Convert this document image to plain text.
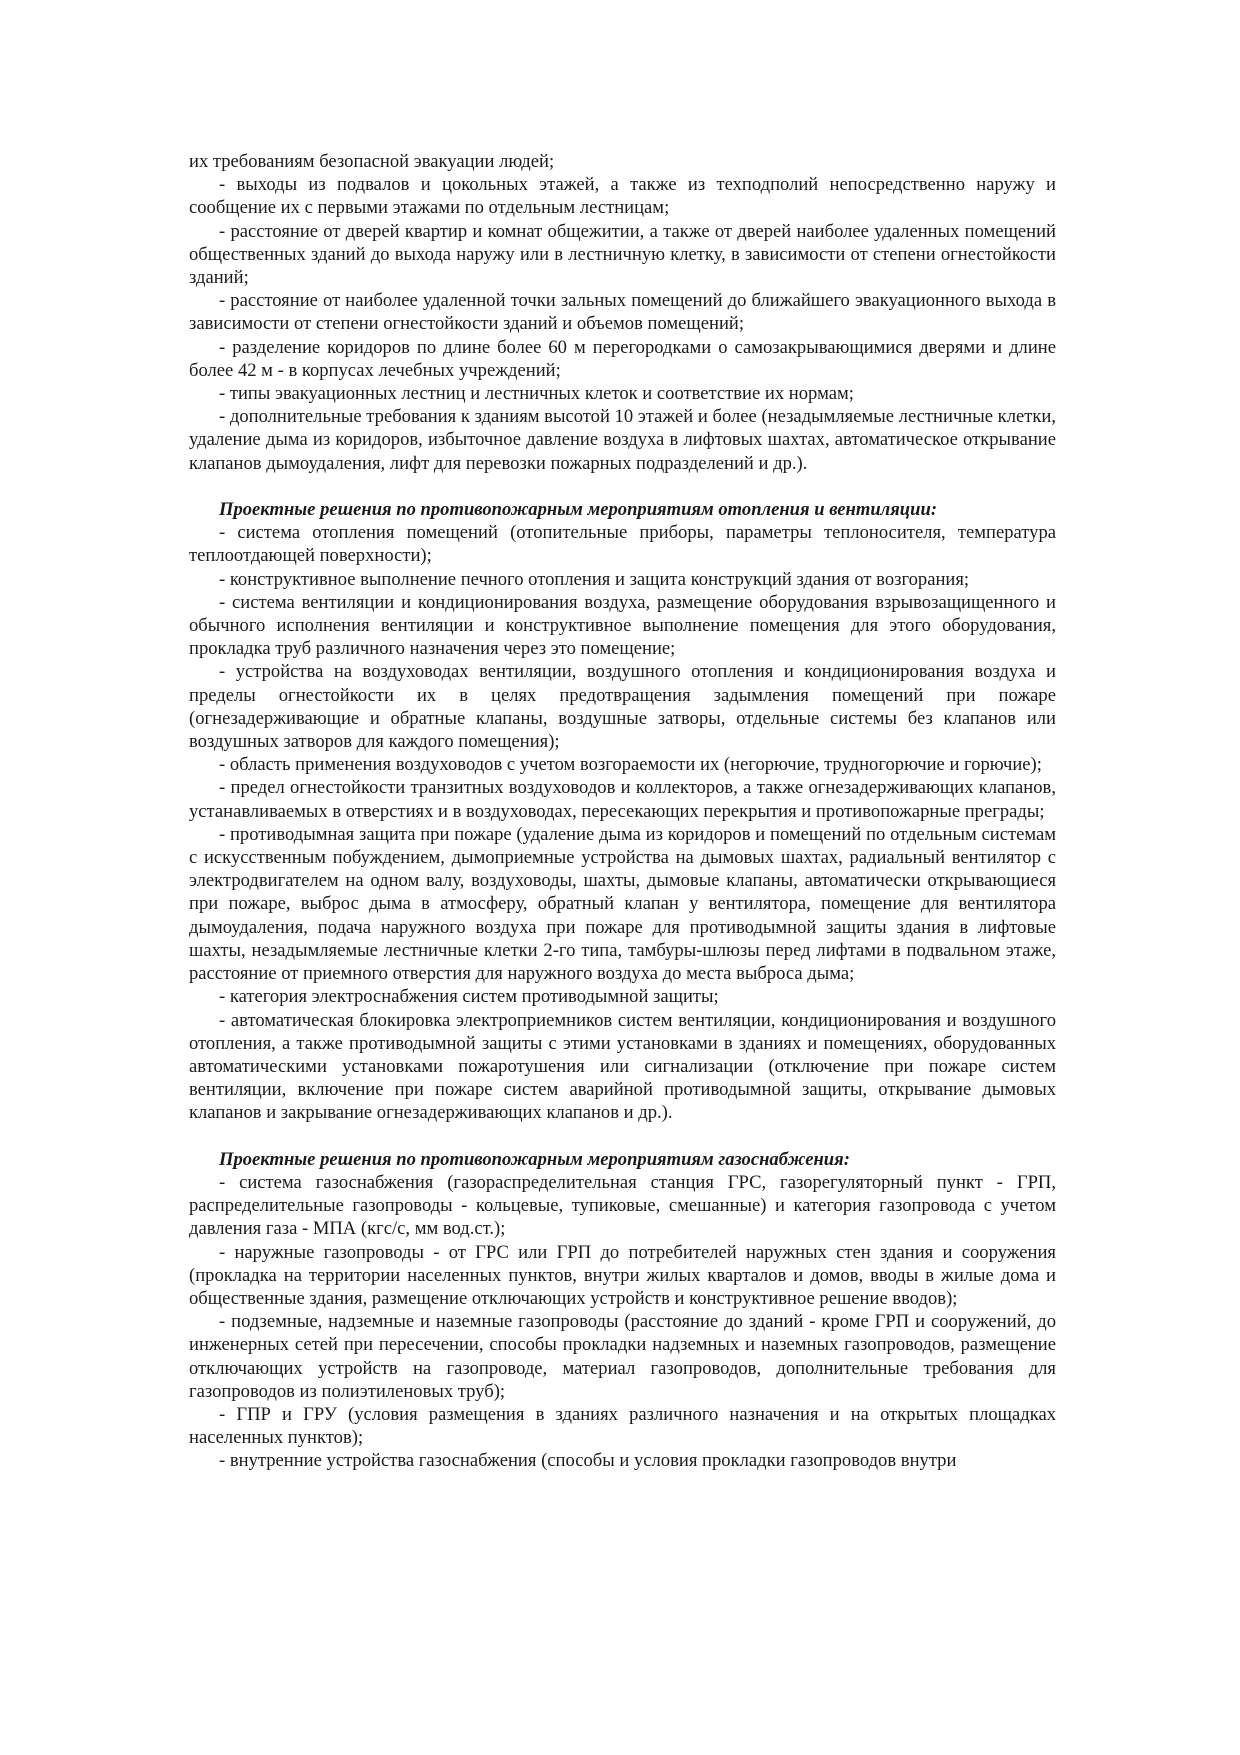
их требованиям безопасной эвакуации людей;

- выходы из подвалов и цокольных этажей, а также из техподполий непосредственно наружу и сообщение их с первыми этажами по отдельным лестницам;

- расстояние от дверей квартир и комнат общежитии, а также от дверей наиболее удаленных помещений общественных зданий до выхода наружу или в лестничную клетку, в зависимости от степени огнестойкости зданий;

- расстояние от наиболее удаленной точки зальных помещений до ближайшего эвакуационного выхода в зависимости от степени огнестойкости зданий и объемов помещений;

- разделение коридоров по длине более 60 м перегородками о самозакрывающимися дверями и длине более 42 м - в корпусах лечебных учреждений;

- типы эвакуационных лестниц и лестничных клеток и соответствие их нормам;

- дополнительные требования к зданиям высотой 10 этажей и более (незадымляемые лестничные клетки, удаление дыма из коридоров, избыточное давление воздуха в лифтовых шахтах, автоматическое открывание клапанов дымоудаления, лифт для перевозки пожарных подразделений и др.).

Проектные решения по противопожарным мероприятиям отопления и вентиляции:

- система отопления помещений (отопительные приборы, параметры теплоносителя, температура теплоотдающей поверхности);

- конструктивное выполнение печного отопления и защита конструкций здания от возгорания;

- система вентиляции и кондиционирования воздуха, размещение оборудования взрывозащищенного и обычного исполнения вентиляции и конструктивное выполнение помещения для этого оборудования, прокладка труб различного назначения через это помещение;

- устройства на воздуховодах вентиляции, воздушного отопления и кондиционирования воздуха и пределы огнестойкости их в целях предотвращения задымления помещений при пожаре (огнезадерживающие и обратные клапаны, воздушные затворы, отдельные системы без клапанов или воздушных затворов для каждого помещения);

- область применения воздуховодов с учетом возгораемости их (негорючие, трудногорючие и горючие);

- предел огнестойкости транзитных воздуховодов и коллекторов, а также огнезадерживающих клапанов, устанавливаемых в отверстиях и в воздуховодах, пересекающих перекрытия и противопожарные преграды;

- противодымная защита при пожаре (удаление дыма из коридоров и помещений по отдельным системам с искусственным побуждением, дымоприемные устройства на дымовых шахтах, радиальный вентилятор с электродвигателем на одном валу, воздуховоды, шахты, дымовые клапаны, автоматически открывающиеся при пожаре, выброс дыма в атмосферу, обратный клапан у вентилятора, помещение для вентилятора дымоудаления, подача наружного воздуха при пожаре для противодымной защиты здания в лифтовые шахты, незадымляемые лестничные клетки 2-го типа, тамбуры-шлюзы перед лифтами в подвальном этаже, расстояние от приемного отверстия для наружного воздуха до места выброса дыма;

- категория электроснабжения систем противодымной защиты;

- автоматическая блокировка электроприемников систем вентиляции, кондиционирования и воздушного отопления, а также противодымной защиты с этими установками в зданиях и помещениях, оборудованных автоматическими установками пожаротушения или сигнализации (отключение при пожаре систем вентиляции, включение при пожаре систем аварийной противодымной защиты, открывание дымовых клапанов и закрывание огнезадерживающих клапанов и др.).

Проектные решения по противопожарным мероприятиям газоснабжения:

- система газоснабжения (газораспределительная станция ГРС, газорегуляторный пункт - ГРП, распределительные газопроводы - кольцевые, тупиковые, смешанные) и категория газопровода с учетом давления газа - МПА (кгс/с, мм вод.ст.);

- наружные газопроводы - от ГРС или ГРП до потребителей наружных стен здания и сооружения (прокладка на территории населенных пунктов, внутри жилых кварталов и домов, вводы в жилые дома и общественные здания, размещение отключающих устройств и конструктивное решение вводов);

- подземные, надземные и наземные газопроводы (расстояние до зданий - кроме ГРП и сооружений, до инженерных сетей при пересечении, способы прокладки надземных и наземных газопроводов, размещение отключающих устройств на газопроводе, материал газопроводов, дополнительные требования для газопроводов из полиэтиленовых труб);

- ГПР и ГРУ (условия размещения в зданиях различного назначения и на открытых площадках населенных пунктов);

- внутренние устройства газоснабжения (способы и условия прокладки газопроводов внутри
